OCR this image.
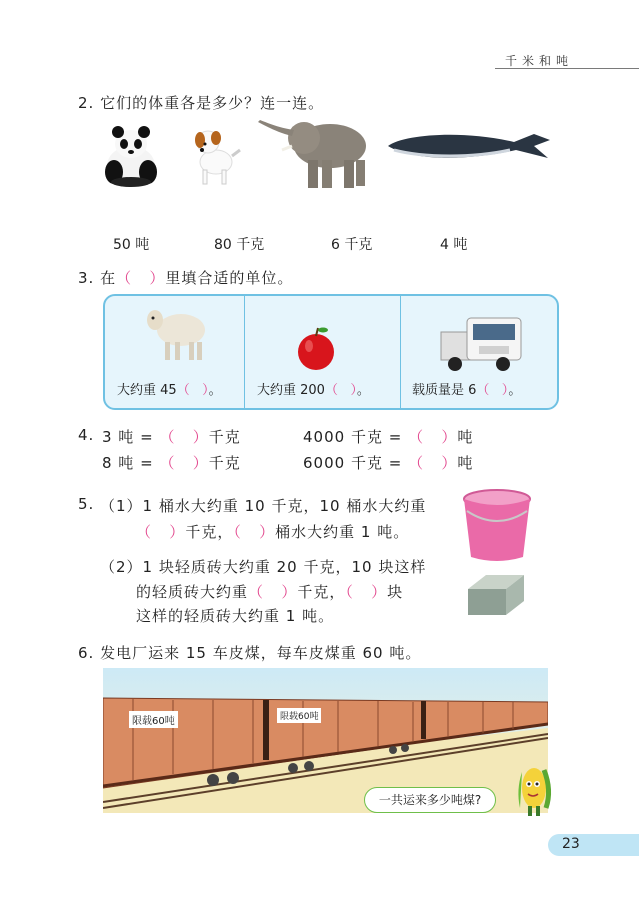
千米和吨
2. 它们的体重各是多少？连一连。
50 吨	80 千克	6 千克	4 吨
3. 在（   ）里填合适的单位。
大约重 45（   ）。	大约重 200（   ）。	载质量是 6（   ）。
4. 3 吨 = （   ）千克	4000 千克 = （   ）吨
8 吨 = （   ）千克	6000 千克 = （   ）吨
5. （1）1 桶水大约重 10 千克，10 桶水大约重
（   ）千克，（   ）桶水大约重 1 吨。
（2）1 块轻质砖大约重 20 千克，10 块这样
的轻质砖大约重（   ）千克，（   ）块
这样的轻质砖大约重 1 吨。
6. 发电厂运来 15 车皮煤，每车皮煤重 60 吨。
限载60吨	限载60吨
一共运来多少吨煤?
23
